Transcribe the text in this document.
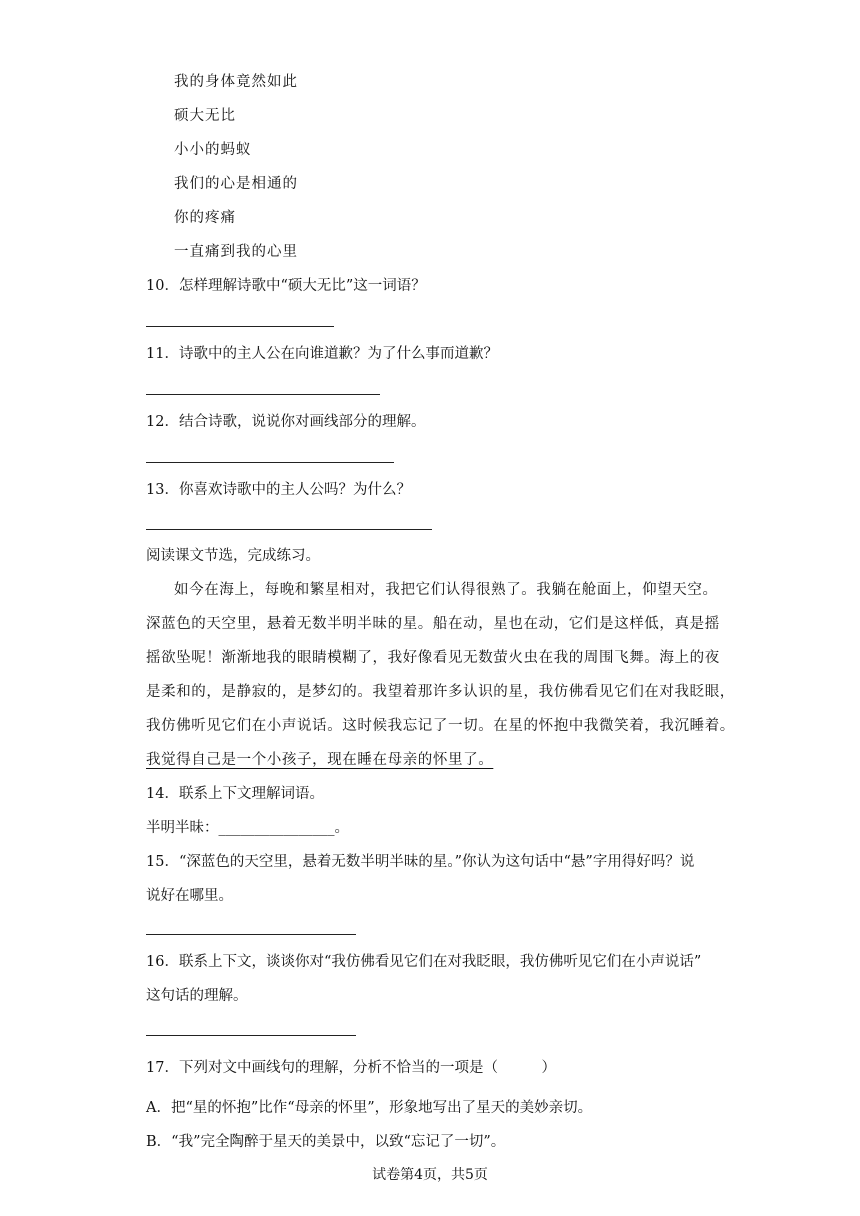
我的身体竟然如此
硕大无比
小小的蚂蚁
我们的心是相通的
你的疼痛
一直痛到我的心里
10．怎样理解诗歌中“硕大无比”这一词语？
11．诗歌中的主人公在向谁道歉？为了什么事而道歉？
12．结合诗歌，说说你对画线部分的理解。
13．你喜欢诗歌中的主人公吗？为什么？
阅读课文节选，完成练习。
如今在海上，每晚和繁星相对，我把它们认得很熟了。我躺在舱面上，仰望天空。
深蓝色的天空里，悬着无数半明半昧的星。船在动，星也在动，它们是这样低，真是摇
摇欲坠呢！渐渐地我的眼睛模糊了，我好像看见无数萤火虫在我的周围飞舞。海上的夜
是柔和的，是静寂的，是梦幻的。我望着那许多认识的星，我仿佛看见它们在对我眨眼，
我仿佛听见它们在小声说话。这时候我忘记了一切。在星的怀抱中我微笑着，我沉睡着。
我觉得自己是一个小孩子，现在睡在母亲的怀里了。
14．联系上下文理解词语。
半明半昧：________________。
15．“深蓝色的天空里，悬着无数半明半昧的星。”你认为这句话中“悬”字用得好吗？说
说好在哪里。
16．联系上下文，谈谈你对“我仿佛看见它们在对我眨眼，我仿佛听见它们在小声说话”
这句话的理解。
17．下列对文中画线句的理解，分析不恰当的一项是（　　　）
A．把“星的怀抱”比作“母亲的怀里”，形象地写出了星天的美妙亲切。
B．“我”完全陶醉于星天的美景中，以致“忘记了一切”。
试卷第4页，共5页
